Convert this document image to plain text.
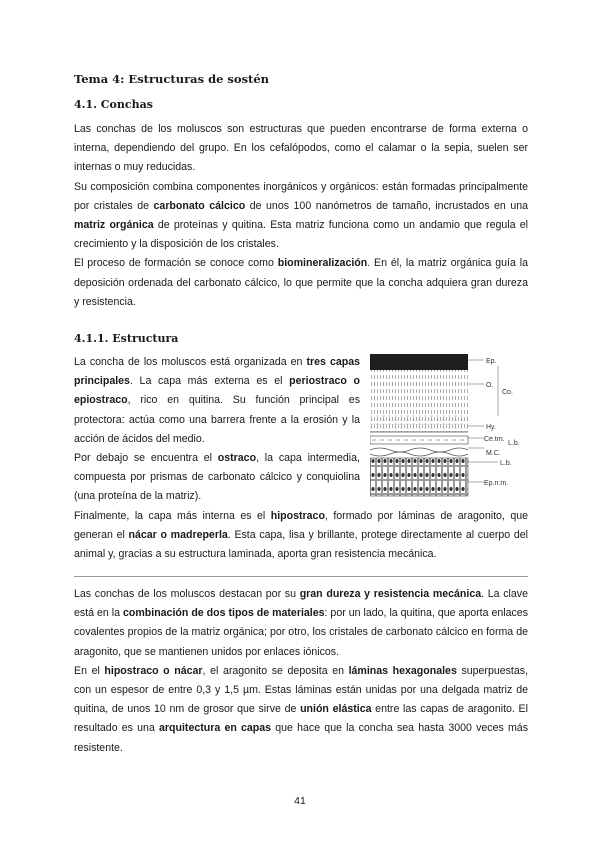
Tema 4: Estructuras de sostén
4.1. Conchas

Las conchas de los moluscos son estructuras que pueden encontrarse de forma externa o interna, dependiendo del grupo. En los cefalópodos, como el calamar o la sepia, suelen ser internas o muy reducidas.

Su composición combina componentes inorgánicos y orgánicos: están formadas principalmente por cristales de carbonato cálcico de unos 100 nanómetros de tamaño, incrustados en una matriz orgánica de proteínas y quitina. Esta matriz funciona como un andamio que regula el crecimiento y la disposición de los cristales.

El proceso de formación se conoce como biomineralización. En él, la matriz orgánica guía la deposición ordenada del carbonato cálcico, lo que permite que la concha adquiera gran dureza y resistencia.

4.1.1. Estructura

La concha de los moluscos está organizada en tres capas principales. La capa más externa es el periostraco o epiostraco, rico en quitina. Su función principal es protectora: actúa como una barrera frente a la erosión y la acción de ácidos del medio.

Por debajo se encuentra el ostraco, la capa intermedia, compuesta por prismas de carbonato cálcico y conquiolina (una proteína de la matriz).

Finalmente, la capa más interna es el hipostraco, formado por láminas de aragonito, que generan el nácar o madreperla. Esta capa, lisa y brillante, protege directamente al cuerpo del animal y, gracias a su estructura laminada, aporta gran resistencia mecánica.

Ep.
O.
Co.
Hy.
Ce.tm.
L.b.
M.C.
L.b.
Ep.n.m.

Las conchas de los moluscos destacan por su gran dureza y resistencia mecánica. La clave está en la combinación de dos tipos de materiales: por un lado, la quitina, que aporta enlaces covalentes propios de la matriz orgánica; por otro, los cristales de carbonato cálcico en forma de aragonito, que se mantienen unidos por enlaces iónicos.

En el hipostraco o nácar, el aragonito se deposita en láminas hexagonales superpuestas, con un espesor de entre 0,3 y 1,5 µm. Estas láminas están unidas por una delgada matriz de quitina, de unos 10 nm de grosor que sirve de unión elástica entre las capas de aragonito. El resultado es una arquitectura en capas que hace que la concha sea hasta 3000 veces más resistente.

41
